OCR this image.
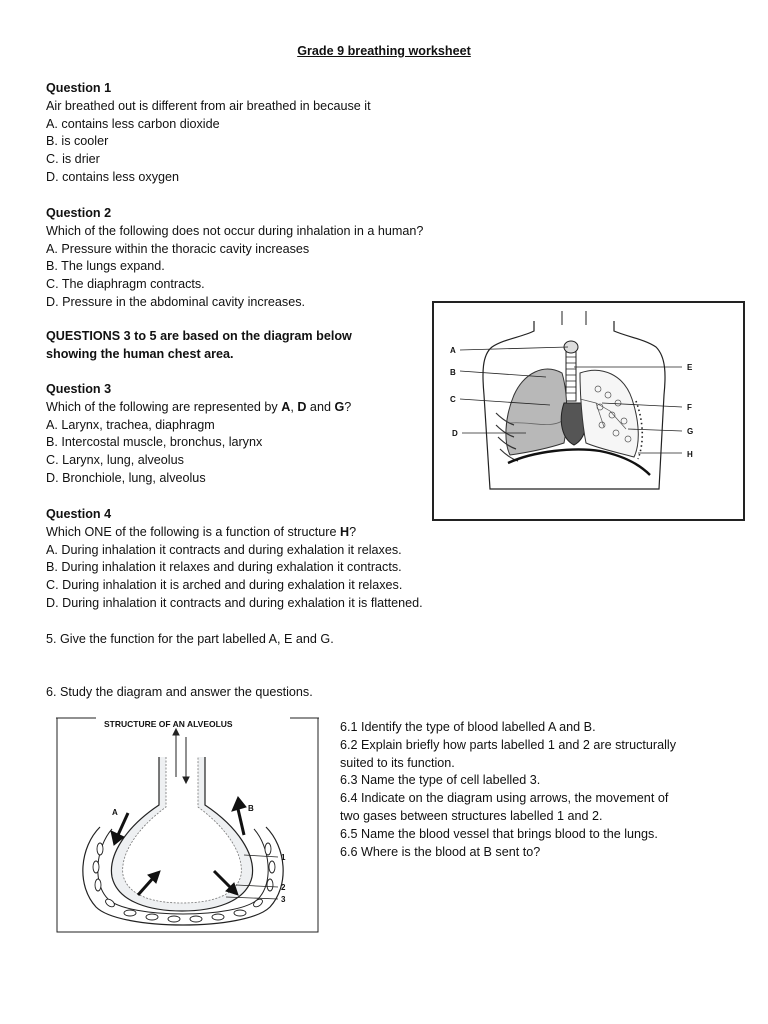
Grade 9 breathing worksheet
Question 1
Air breathed out is different from air breathed in because it
A. contains less carbon dioxide
B. is cooler
C. is drier
D. contains less oxygen
Question 2
Which of the following does not occur during inhalation in a human?
A. Pressure within the thoracic cavity increases
B. The lungs expand.
C. The diaphragm contracts.
D. Pressure in the abdominal cavity increases.
QUESTIONS 3 to 5 are based on the diagram below
showing the human chest area.
Question 3
Which of the following are represented by A, D and G?
A. Larynx, trachea, diaphragm
B. Intercostal muscle, bronchus, larynx
C. Larynx, lung, alveolus
D. Bronchiole, lung, alveolus
Question 4
Which ONE of the following is a function of structure H?
A. During inhalation it contracts and during exhalation it relaxes.
B. During inhalation it relaxes and during exhalation it contracts.
C. During inhalation it is arched and during exhalation it relaxes.
D. During inhalation it contracts and during exhalation it is flattened.
5. Give the function for the part labelled A, E and G.
6. Study the diagram and answer the questions.
A
B
C
D
E
F
G
H
STRUCTURE OF AN ALVEOLUS
A	B
1
2
3
6.1 Identify the type of blood labelled A and B.
6.2 Explain briefly how parts labelled 1 and 2 are structurally
suited to its function.
6.3 Name the type of cell labelled 3.
6.4 Indicate on the diagram using arrows, the movement of
two gases between structures labelled 1 and 2.
6.5 Name the blood vessel that brings blood to the lungs.
6.6 Where is the blood at B sent to?
